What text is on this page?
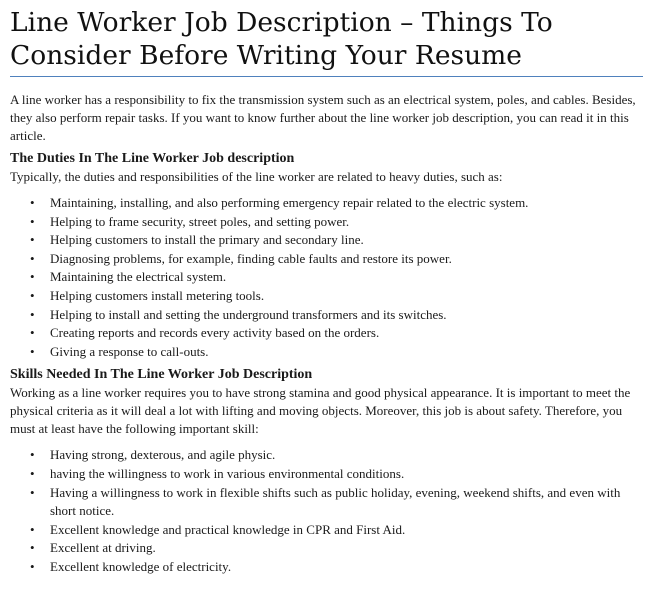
Line Worker Job Description – Things To Consider Before Writing Your Resume

A line worker has a responsibility to fix the transmission system such as an electrical system, poles, and cables. Besides, they also perform repair tasks. If you want to know further about the line worker job description, you can read it in this article.

The Duties In The Line Worker Job description

Typically, the duties and responsibilities of the line worker are related to heavy duties, such as:

• Maintaining, installing, and also performing emergency repair related to the electric system.
• Helping to frame security, street poles, and setting power.
• Helping customers to install the primary and secondary line.
• Diagnosing problems, for example, finding cable faults and restore its power.
• Maintaining the electrical system.
• Helping customers install metering tools.
• Helping to install and setting the underground transformers and its switches.
• Creating reports and records every activity based on the orders.
• Giving a response to call-outs.
Skills Needed In The Line Worker Job Description

Working as a line worker requires you to have strong stamina and good physical appearance. It is important to meet the physical criteria as it will deal a lot with lifting and moving objects. Moreover, this job is about safety. Therefore, you must at least have the following important skill:

• Having strong, dexterous, and agile physic.
• having the willingness to work in various environmental conditions.
• Having a willingness to work in flexible shifts such as public holiday, evening, weekend shifts, and even with short notice.
• Excellent knowledge and practical knowledge in CPR and First Aid.
• Excellent at driving.
• Excellent knowledge of electricity.
